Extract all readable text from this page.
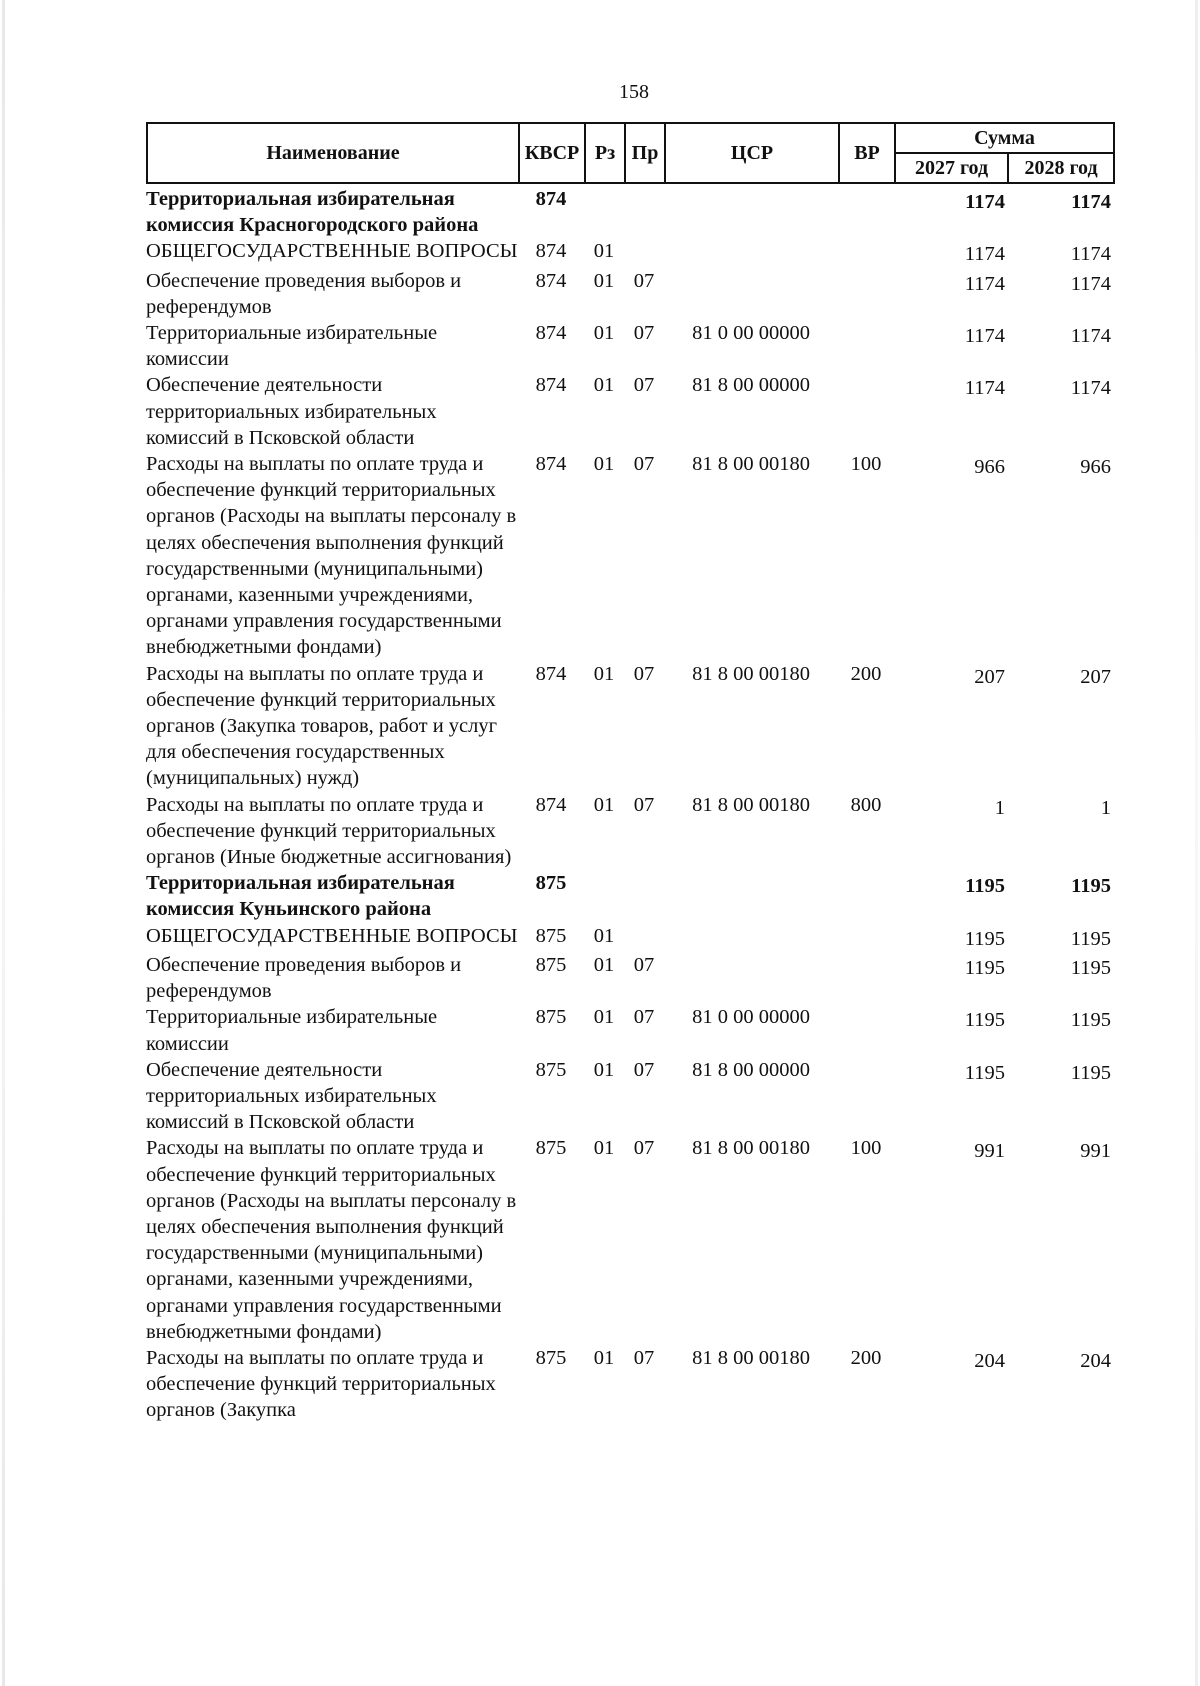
158
Наименование	КВСР	Рз	Пр	ЦСР	ВР	Сумма	
						2027 год	2028 год
Территориальная избирательная комиссия Красногородского района	874					1174	1174
ОБЩЕГОСУДАРСТВЕННЫЕ ВОПРОСЫ	874	01				1174	1174
Обеспечение проведения выборов и референдумов	874	01	07			1174	1174
Территориальные избирательные комиссии	874	01	07	81 0 00 00000		1174	1174
Обеспечение деятельности территориальных избирательных комиссий в Псковской области	874	01	07	81 8 00 00000		1174	1174
Расходы на выплаты по оплате труда и обеспечение функций территориальных органов (Расходы на выплаты персоналу в целях обеспечения выполнения функций государственными (муниципальными) органами, казенными учреждениями, органами управления государственными внебюджетными фондами)	874	01	07	81 8 00 00180	100	966	966
Расходы на выплаты по оплате труда и обеспечение функций территориальных органов (Закупка товаров, работ и услуг для обеспечения государственных (муниципальных) нужд)	874	01	07	81 8 00 00180	200	207	207
Расходы на выплаты по оплате труда и обеспечение функций территориальных органов (Иные бюджетные ассигнования)	874	01	07	81 8 00 00180	800	1	1
Территориальная избирательная комиссия Куньинского района	875					1195	1195
ОБЩЕГОСУДАРСТВЕННЫЕ ВОПРОСЫ	875	01				1195	1195
Обеспечение проведения выборов и референдумов	875	01	07			1195	1195
Территориальные избирательные комиссии	875	01	07	81 0 00 00000		1195	1195
Обеспечение деятельности территориальных избирательных комиссий в Псковской области	875	01	07	81 8 00 00000		1195	1195
Расходы на выплаты по оплате труда и обеспечение функций территориальных органов (Расходы на выплаты персоналу в целях обеспечения выполнения функций государственными (муниципальными) органами, казенными учреждениями, органами управления государственными внебюджетными фондами)	875	01	07	81 8 00 00180	100	991	991
Расходы на выплаты по оплате труда и обеспечение функций территориальных органов (Закупка	875	01	07	81 8 00 00180	200	204	204
